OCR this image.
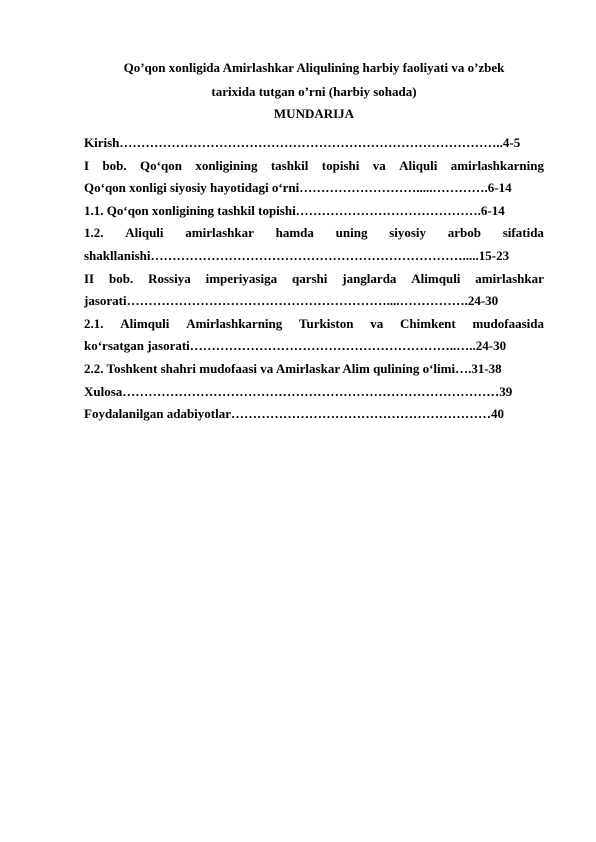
Qo’qon xonligida Amirlashkar Aliqulining harbiy faoliyati va o’zbek
tarixida tutgan o’rni (harbiy sohada)
MUNDARIJA
Kirish……………………………………………………………………………..4-5
I bob. Qo‘qon xonligining tashkil topishi va Aliquli amirlashkarning
Qo‘qon xonligi siyosiy hayotidagi o‘rni……………………….....………….6-14
1.1. Qo‘qon xonligining tashkil topishi…………………………………….6-14
1.2. Aliquli amirlashkar hamda uning siyosiy arbob sifatida
shakllanishi……………………………………………………………….....15-23
II bob. Rossiya imperiyasiga qarshi janglarda Alimquli amirlashkar
jasorati……………………………………………………....…………….24-30
2.1. Alimquli Amirlashkarning Turkiston va Chimkent mudofaasida
ko‘rsatgan jasorati……………………………………………………..…..24-30
2.2. Toshkent shahri mudofaasi va Amirlaskar Alim qulining o‘limi….31-38
Xulosa……………………………………………………………………………39
Foydalanilgan adabiyotlar……………………………………………………40
